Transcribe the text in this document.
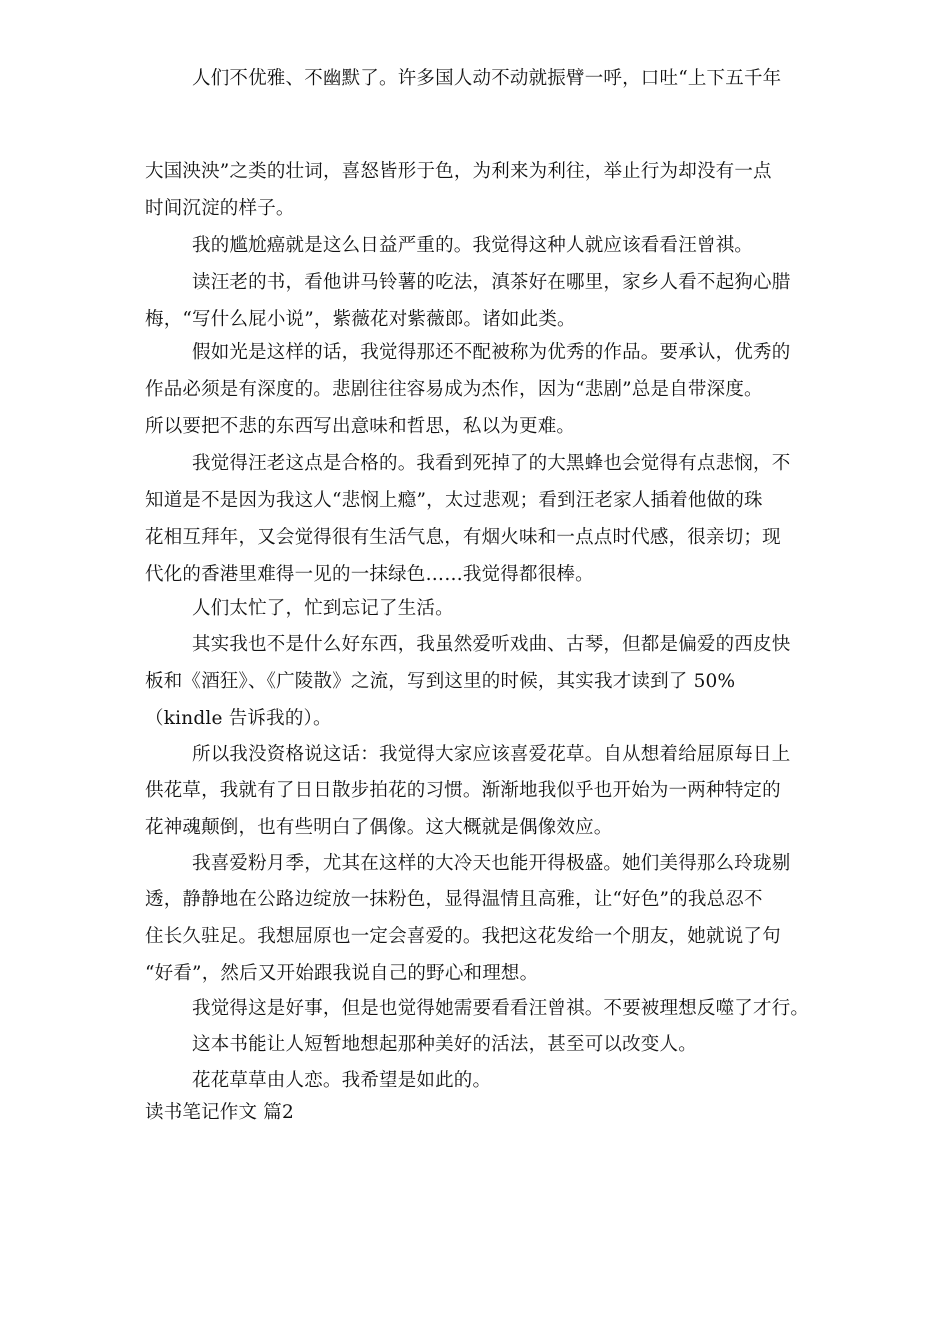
人们不优雅、不幽默了。许多国人动不动就振臂一呼，口吐“上下五千年
大国泱泱”之类的壮词，喜怒皆形于色，为利来为利往，举止行为却没有一点
时间沉淀的样子。
我的尴尬癌就是这么日益严重的。我觉得这种人就应该看看汪曾祺。
读汪老的书，看他讲马铃薯的吃法，滇茶好在哪里，家乡人看不起狗心腊
梅，“写什么屁小说”，紫薇花对紫薇郎。诸如此类。
假如光是这样的话，我觉得那还不配被称为优秀的作品。要承认，优秀的
作品必须是有深度的。悲剧往往容易成为杰作，因为“悲剧”总是自带深度。
所以要把不悲的东西写出意味和哲思，私以为更难。
我觉得汪老这点是合格的。我看到死掉了的大黑蜂也会觉得有点悲悯，不
知道是不是因为我这人“悲悯上瘾”，太过悲观；看到汪老家人插着他做的珠
花相互拜年，又会觉得很有生活气息，有烟火味和一点点时代感，很亲切；现
代化的香港里难得一见的一抹绿色……我觉得都很棒。
人们太忙了，忙到忘记了生活。
其实我也不是什么好东西，我虽然爱听戏曲、古琴，但都是偏爱的西皮快
板和《酒狂》、《广陵散》之流，写到这里的时候，其实我才读到了 50%
（kindle 告诉我的）。
所以我没资格说这话：我觉得大家应该喜爱花草。自从想着给屈原每日上
供花草，我就有了日日散步拍花的习惯。渐渐地我似乎也开始为一两种特定的
花神魂颠倒，也有些明白了偶像。这大概就是偶像效应。
我喜爱粉月季，尤其在这样的大冷天也能开得极盛。她们美得那么玲珑剔
透，静静地在公路边绽放一抹粉色，显得温情且高雅，让“好色”的我总忍不
住长久驻足。我想屈原也一定会喜爱的。我把这花发给一个朋友，她就说了句
“好看”，然后又开始跟我说自己的野心和理想。
我觉得这是好事，但是也觉得她需要看看汪曾祺。不要被理想反噬了才行。
这本书能让人短暂地想起那种美好的活法，甚至可以改变人。
花花草草由人恋。我希望是如此的。
读书笔记作文 篇2
